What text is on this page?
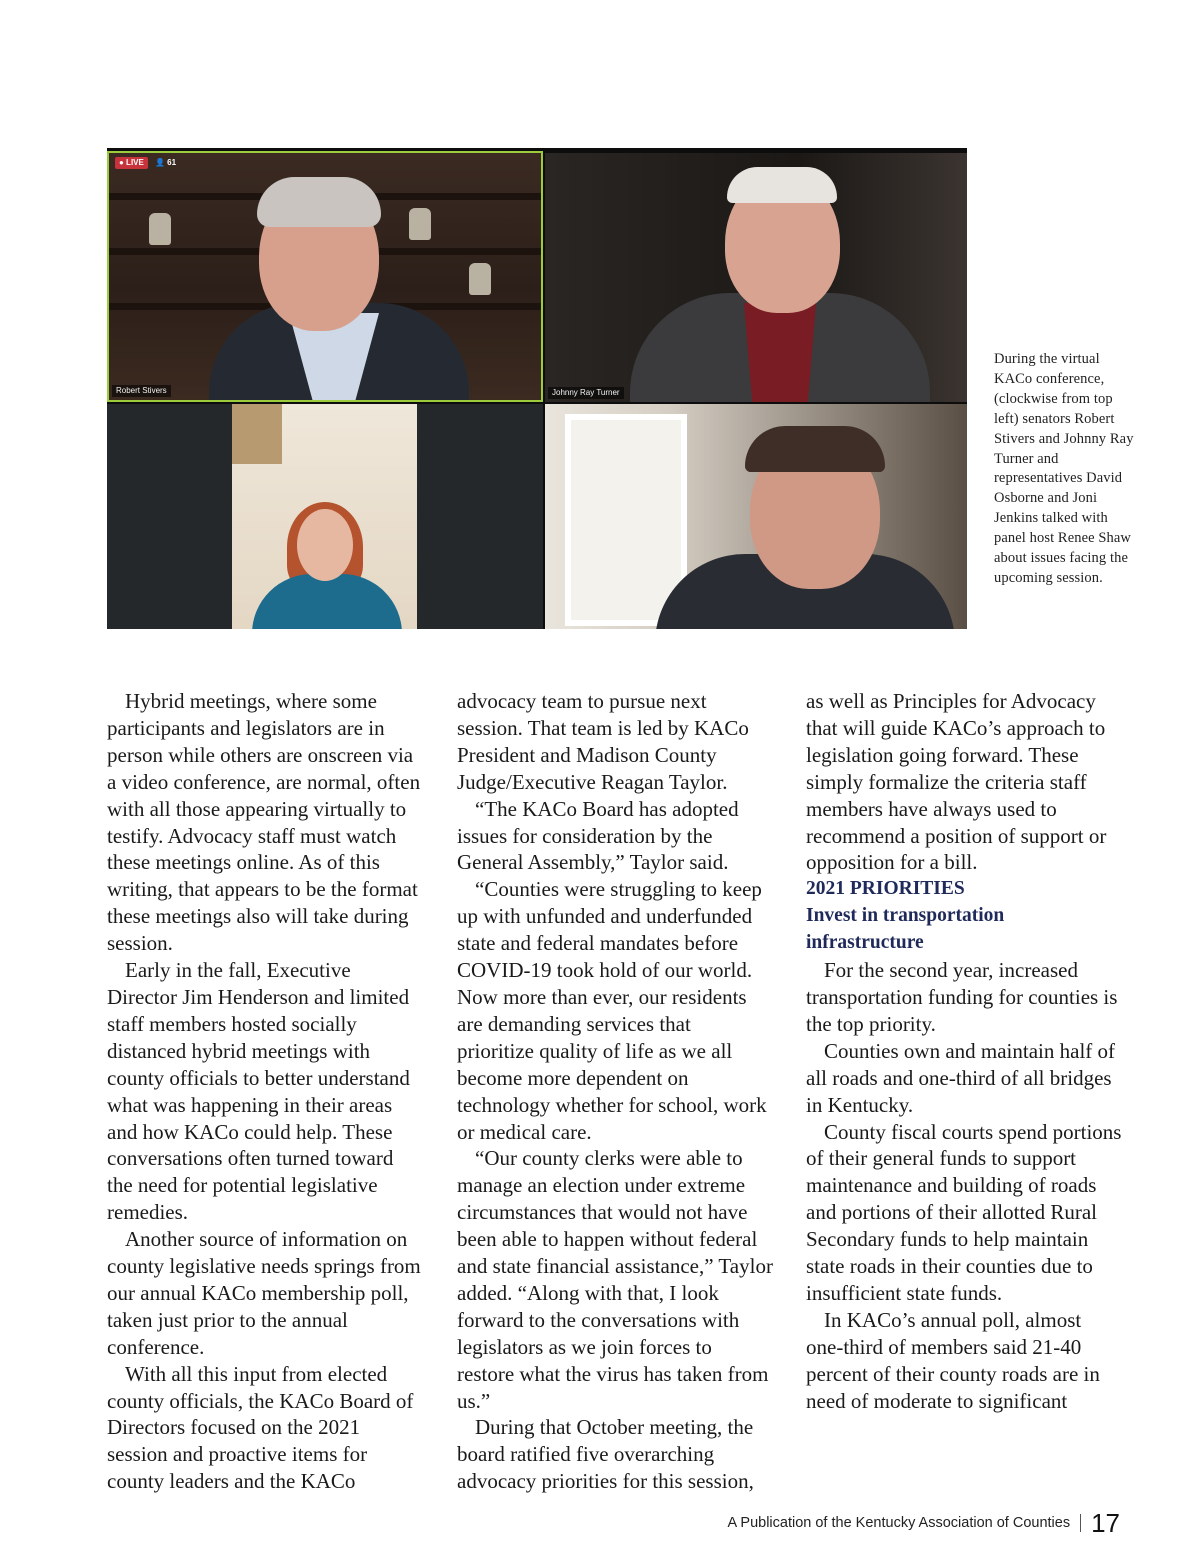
● LIVE	👤 61
Robert Stivers	Johnny Ray Turner
During the virtual KACo conference, (clockwise from top left) senators Robert Stivers and Johnny Ray Turner and representatives David Osborne and Joni Jenkins talked with panel host Renee Shaw about issues facing the upcoming session.

Hybrid meetings, where some participants and legislators are in person while others are onscreen via a video conference, are normal, often with all those appearing virtually to testify. Advocacy staff must watch these meetings online. As of this writing, that appears to be the format these meetings also will take during session.

Early in the fall, Executive Director Jim Henderson and limited staff members hosted socially distanced hybrid meetings with county officials to better understand what was happening in their areas and how KACo could help. These conversations often turned toward the need for potential legislative remedies.

Another source of information on county legislative needs springs from our annual KACo membership poll, taken just prior to the annual conference.

With all this input from elected county officials, the KACo Board of Directors focused on the 2021 session and proactive items for county leaders and the KACo

advocacy team to pursue next session. That team is led by KACo President and Madison County Judge/Executive Reagan Taylor.

“The KACo Board has adopted issues for consideration by the General Assembly,” Taylor said.

“Counties were struggling to keep up with unfunded and underfunded state and federal mandates before COVID-19 took hold of our world. Now more than ever, our residents are demanding services that prioritize quality of life as we all become more dependent on technology whether for school, work or medical care.

“Our county clerks were able to manage an election under extreme circumstances that would not have been able to happen without federal and state financial assistance,” Taylor added. “Along with that, I look forward to the conversations with legislators as we join forces to restore what the virus has taken from us.”

During that October meeting, the board ratified five overarching advocacy priorities for this session,

as well as Principles for Advocacy that will guide KACo’s approach to legislation going forward. These simply formalize the criteria staff members have always used to recommend a position of support or opposition for a bill.

2021 PRIORITIES

Invest in transportation infrastructure

For the second year, increased transportation funding for counties is the top priority.

Counties own and maintain half of all roads and one-third of all bridges in Kentucky.

County fiscal courts spend portions of their general funds to support maintenance and building of roads and portions of their allotted Rural Secondary funds to help maintain state roads in their counties due to insufficient state funds.

In KACo’s annual poll, almost one-third of members said 21-40 percent of their county roads are in need of moderate to significant

A Publication of the Kentucky Association of Counties 17
